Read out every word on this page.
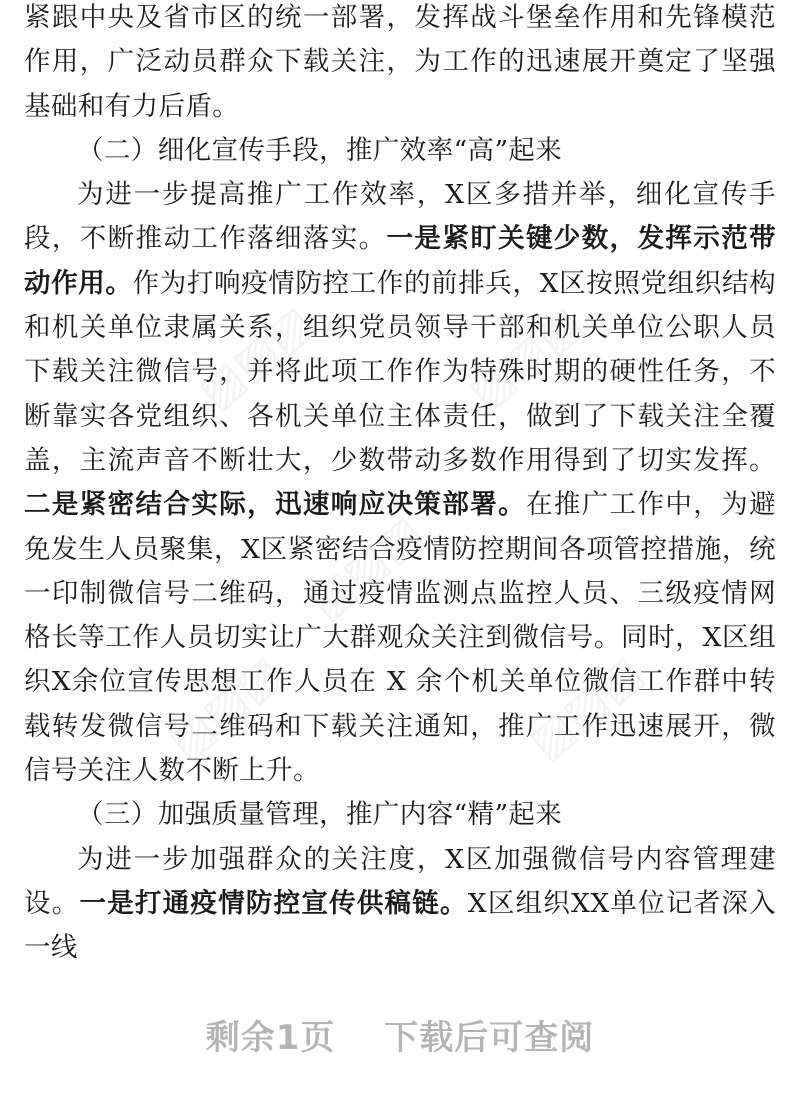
▨▨▨	▨▨▨
▨▨▨
▨▨▨	▨▨▨

紧跟中央及省市区的统一部署，发挥战斗堡垒作用和先锋模范作用，广泛动员群众下载关注，为工作的迅速展开奠定了坚强基础和有力后盾。

（二）细化宣传手段，推广效率“高”起来

为进一步提高推广工作效率，X区多措并举，细化宣传手段，不断推动工作落细落实。一是紧盯关键少数，发挥示范带动作用。作为打响疫情防控工作的前排兵，X区按照党组织结构和机关单位隶属关系，组织党员领导干部和机关单位公职人员下载关注微信号，并将此项工作作为特殊时期的硬性任务，不断靠实各党组织、各机关单位主体责任，做到了下载关注全覆盖，主流声音不断壮大，少数带动多数作用得到了切实发挥。二是紧密结合实际，迅速响应决策部署。在推广工作中，为避免发生人员聚集，X区紧密结合疫情防控期间各项管控措施，统一印制微信号二维码，通过疫情监测点监控人员、三级疫情网格长等工作人员切实让广大群观众关注到微信号。同时，X区组织X余位宣传思想工作人员在 X 余个机关单位微信工作群中转载转发微信号二维码和下载关注通知，推广工作迅速展开，微信号关注人数不断上升。

（三）加强质量管理，推广内容“精”起来

为进一步加强群众的关注度，X区加强微信号内容管理建设。一是打通疫情防控宣传供稿链。X区组织XX单位记者深入一线

剩余1页 下载后可查阅
